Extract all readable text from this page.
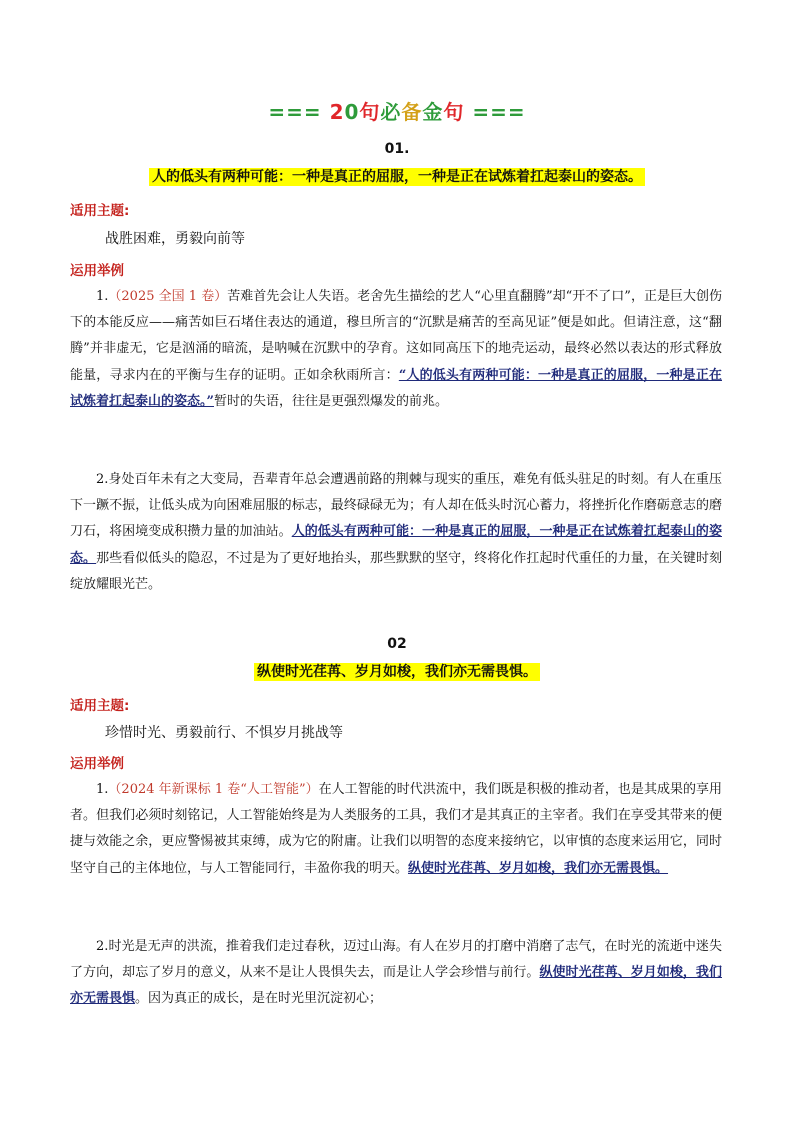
=== 20句必备金句 ===
01.
人的低头有两种可能：一种是真正的屈服，一种是正在试炼着扛起泰山的姿态。
适用主题:
战胜困难，勇毅向前等
运用举例
1.（2025 全国 1 卷）苦难首先会让人失语。老舍先生描绘的艺人“心里直翻腾”却“开不了口”，正是巨大创伤下的本能反应——痛苦如巨石堵住表达的通道，穆旦所言的“沉默是痛苦的至高见证”便是如此。但请注意，这“翻腾”并非虚无，它是汹涌的暗流，是呐喊在沉默中的孕育。这如同高压下的地壳运动，最终必然以表达的形式释放能量，寻求内在的平衡与生存的证明。正如余秋雨所言：“人的低头有两种可能：一种是真正的屈服，一种是正在试炼着扛起泰山的姿态。”暂时的失语，往往是更强烈爆发的前兆。
2.身处百年未有之大变局，吾辈青年总会遭遇前路的荆棘与现实的重压，难免有低头驻足的时刻。有人在重压下一蹶不振，让低头成为向困难屈服的标志，最终碌碌无为；有人却在低头时沉心蓄力，将挫折化作磨砺意志的磨刀石，将困境变成积攒力量的加油站。人的低头有两种可能：一种是真正的屈服，一种是正在试炼着扛起泰山的姿态。那些看似低头的隐忍，不过是为了更好地抬头，那些默默的坚守，终将化作扛起时代重任的力量，在关键时刻绽放耀眼光芒。
02
纵使时光荏苒、岁月如梭，我们亦无需畏惧。
适用主题:
珍惜时光、勇毅前行、不惧岁月挑战等
运用举例
1.（2024 年新课标 1 卷“人工智能”）在人工智能的时代洪流中，我们既是积极的推动者，也是其成果的享用者。但我们必须时刻铭记，人工智能始终是为人类服务的工具，我们才是其真正的主宰者。我们在享受其带来的便捷与效能之余，更应警惕被其束缚，成为它的附庸。让我们以明智的态度来接纳它，以审慎的态度来运用它，同时坚守自己的主体地位，与人工智能同行，丰盈你我的明天。纵使时光荏苒、岁月如梭，我们亦无需畏惧。
2.时光是无声的洪流，推着我们走过春秋，迈过山海。有人在岁月的打磨中消磨了志气，在时光的流逝中迷失了方向，却忘了岁月的意义，从来不是让人畏惧失去，而是让人学会珍惜与前行。纵使时光荏苒、岁月如梭，我们亦无需畏惧。因为真正的成长，是在时光里沉淀初心；
